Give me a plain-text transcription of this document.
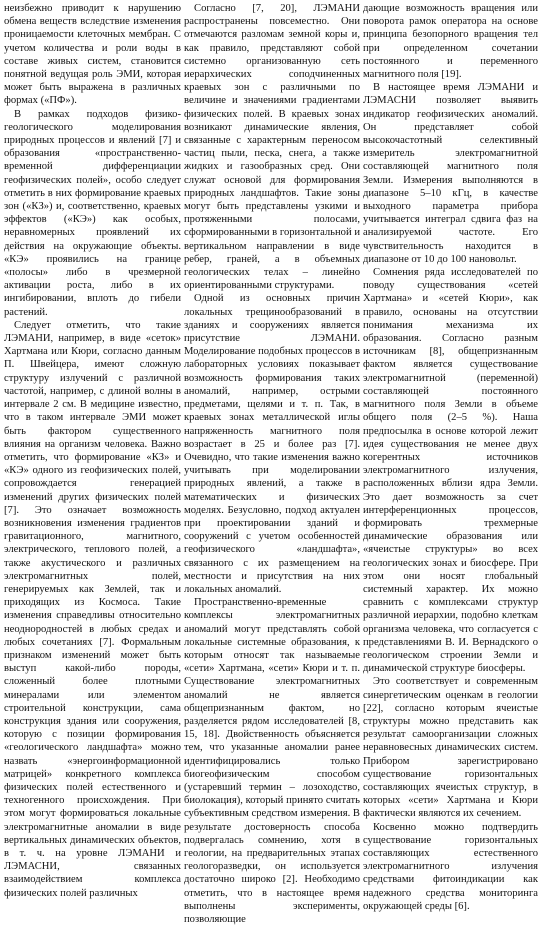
неизбежно приводит к нарушению обмена веществ вследствие изменения проницаемости клеточных мембран. С учетом количества и роли воды в составе живых систем, становится понятной ведущая роль ЭМИ, которая может быть выражена в различных формах («ПФ»).

В рамках подходов физико-геологического моделирования природных процессов и явлений [7] и образования «пространственно-временной дифференциации геофизических полей», особо следует отметить в них формирование краевых зон («КЗ») и, соответственно, краевых эффектов («КЭ») как особых, неравномерных проявлений их действия на окружающие объекты. «КЭ» проявились на границе «полосы» либо в чрезмерной активации роста, либо в их ингибировании, вплоть до гибели растений.

Следует отметить, что такие ЛЭМАНИ, например, в виде «сеток» Хартмана или Кюри, согласно данным П. Швейцера, имеют сложную структуру излучений с различной частотой, например, с длиной волны в интервале 2 см. В медицине известно, что в таком интервале ЭМИ может быть фактором существенного влияния на организм человека. Важно отметить, что формирование «КЗ» и «КЭ» одного из геофизических полей, сопровождается генерацией изменений других физических полей [7]. Это означает возможность возникновения изменения градиентов гравитационного, магнитного, электрического, теплового полей, а также акустического и различных электромагнитных полей, генерируемых как Землей, так и приходящих из Космоса. Такие изменения справедливы относительно неоднородностей в любых средах и любых сочетаниях [7]. Формальным признаком изменений может быть выступ какой-либо породы, сложенный более плотными минералами или элементом строительной конструкции, сама конструкция здания или сооружения, которую с позиции формирования «геологического ландшафта» можно назвать «энергоинформационной матрицей» конкретного комплекса физических полей естественного и техногенного происхождения. При этом могут формироваться локальные электромагнитные аномалии в виде вертикальных динамических объектов, в т. ч. на уровне ЛЭМАНИ и ЛЭМАСНИ, связанных взаимодействием комплекса физических полей различных

Согласно [7, 20], ЛЭМАНИ распространены повсеместно. Они отмечаются разломам земной коры и, как правило, представляют собой системно организованную сеть иерархических соподчиненных краевых зон с различными по величине и значениями градиентами физических полей. В краевых зонах возникают динамические явления, связанные с характерным переносом частиц пыли, песка, снега, а также жидких и газообразных сред. Они служат основой для формирования природных ландшафтов. Такие зоны могут быть представлены узкими и протяженными полосами, сформированными в горизонтальной и вертикальном направлении в виде ребер, граней, а в объемных геологических телах – линейно ориентированными структурами.

Одной из основных причин локальных трещинообразований в зданиях и сооружениях является присутствие ЛЭМАНИ. Моделирование подобных процессов в лабораторных условиях показывает возможность формирования таких аномалий, например, острыми предметами, щелями и т. п. Так, в краевых зонах металлической иглы напряженность магнитного поля возрастает в 25 и более раз [7]. Очевидно, что такие изменения важно учитывать при моделировании природных явлений, а также в математических и физических моделях. Безусловно, подход актуален при проектировании зданий и сооружений с учетом особенностей геофизического «ландшафта», связанного с их размещением на местности и присутствия на них локальных аномалий.

Пространственно-временные комплексы электромагнитных аномалий могут представлять собой локальные системные образования, к которым относят так называемые «сети» Хартмана, «сети» Кюри и т. п. Существование электромагнитных аномалий не является общепризнанным фактом, но разделяется рядом исследователей [8, 15, 18]. Двойственность объясняется тем, что указанные аномалии ранее идентифицировались только биогеофизическим способом (устаревший термин – лозоходство, биолокация), который принято считать субъективным средством измерения. В результате достоверность способа подвергалась сомнению, хотя в геологии, на предварительных этапах геологоразведки, он используется достаточно широко [2]. Необходимо отметить, что в настоящее время выполнены эксперименты, позволяющие

дающие возможность вращения или поворота рамок оператора на основе принципа безопорного вращения тел при определенном сочетании постоянного и переменного магнитного поля [19].

В настоящее время ЛЭМАНИ и ЛЭМАСНИ позволяет выявить индикатор геофизических аномалий. Он представляет собой высокочастотный селективный измеритель электромагнитной составляющей магнитного поля Земли. Измерения выполняются в диапазоне 5–10 кГц, в качестве выходного параметра прибора учитывается интеграл сдвига фаз на анализируемой частоте. Его чувствительность находится в диапазоне от 10 до 100 нановольт.

Сомнения ряда исследователей по поводу существования «сетей Хартмана» и «сетей Кюри», как правило, основаны на отсутствии понимания механизма их образования. Согласно разным источникам [8], общепризнанным фактом является существование электромагнитной (переменной) составляющей постоянного магнитного поля Земли в объеме общего поля (2–5 %). Наша предпосылка в основе которой лежит идея существования не менее двух когерентных источников электромагнитного излучения, расположенных вблизи ядра Земли. Это дает возможность за счет интерференционных процессов, формировать трехмерные динамические образования или «ячеистые структуры» во всех геологических зонах и биосфере. При этом они носят глобальный системный характер. Их можно сравнить с комплексами структур различной иерархии, подобно клеткам организма человека, что согласуется с представлениями В. И. Вернадского о геологическом строении Земли и динамической структуре биосферы.

Это соответствует и современным синергетическим оценкам в геологии [22], согласно которым ячеистые структуры можно представить как результат самоорганизации сложных неравновесных динамических систем. Прибором зарегистрировано существование горизонтальных составляющих ячеистых структур, в которых «сети» Хартмана и Кюри фактически являются их сечением.

Косвенно можно подтвердить существование горизонтальных составляющих естественного электромагнитного излучения средствами фитоиндикации как надежного средства мониторинга окружающей среды [6].
